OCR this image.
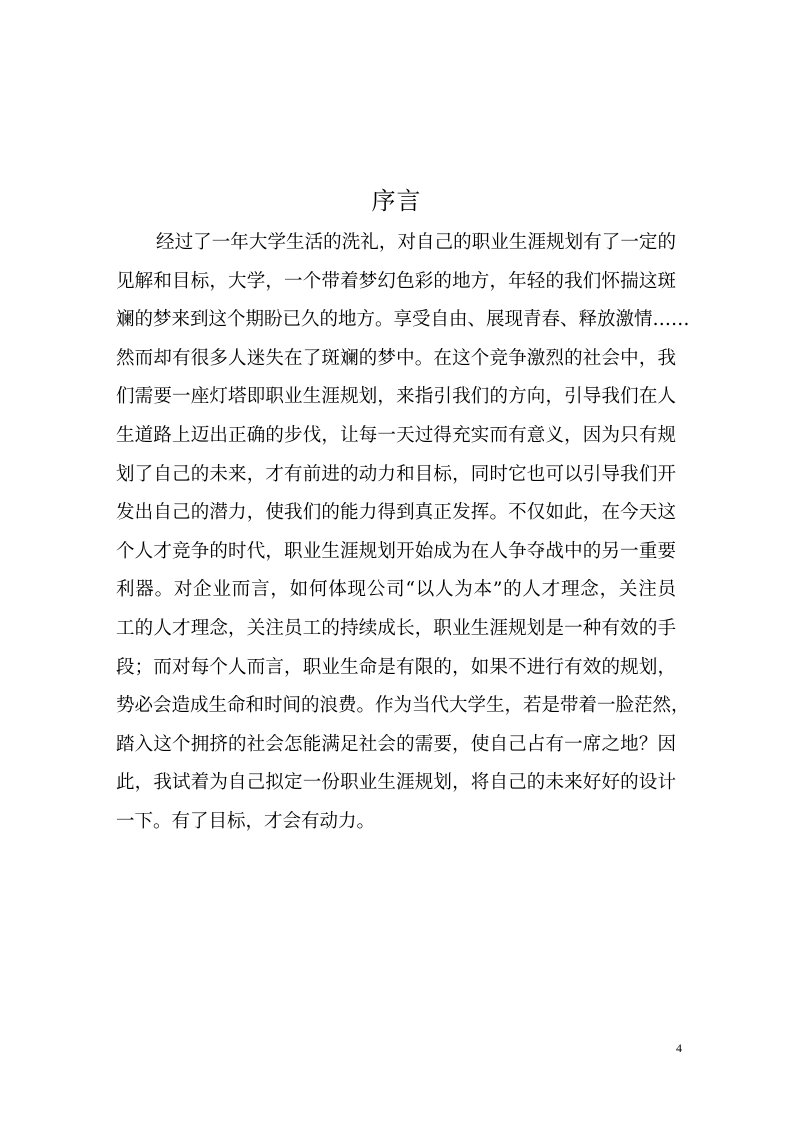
序言
经过了一年大学生活的洗礼，对自己的职业生涯规划有了一定的
见解和目标，大学，一个带着梦幻色彩的地方，年轻的我们怀揣这斑
斓的梦来到这个期盼已久的地方。享受自由、展现青春、释放激情……
然而却有很多人迷失在了斑斓的梦中。在这个竞争激烈的社会中，我
们需要一座灯塔即职业生涯规划，来指引我们的方向，引导我们在人
生道路上迈出正确的步伐，让每一天过得充实而有意义，因为只有规
划了自己的未来，才有前进的动力和目标，同时它也可以引导我们开
发出自己的潜力，使我们的能力得到真正发挥。不仅如此，在今天这
个人才竞争的时代，职业生涯规划开始成为在人争夺战中的另一重要
利器。对企业而言，如何体现公司“以人为本”的人才理念，关注员
工的人才理念，关注员工的持续成长，职业生涯规划是一种有效的手
段；而对每个人而言，职业生命是有限的，如果不进行有效的规划，
势必会造成生命和时间的浪费。作为当代大学生，若是带着一脸茫然，
踏入这个拥挤的社会怎能满足社会的需要，使自己占有一席之地？因
此，我试着为自己拟定一份职业生涯规划，将自己的未来好好的设计
一下。有了目标，才会有动力。
4
